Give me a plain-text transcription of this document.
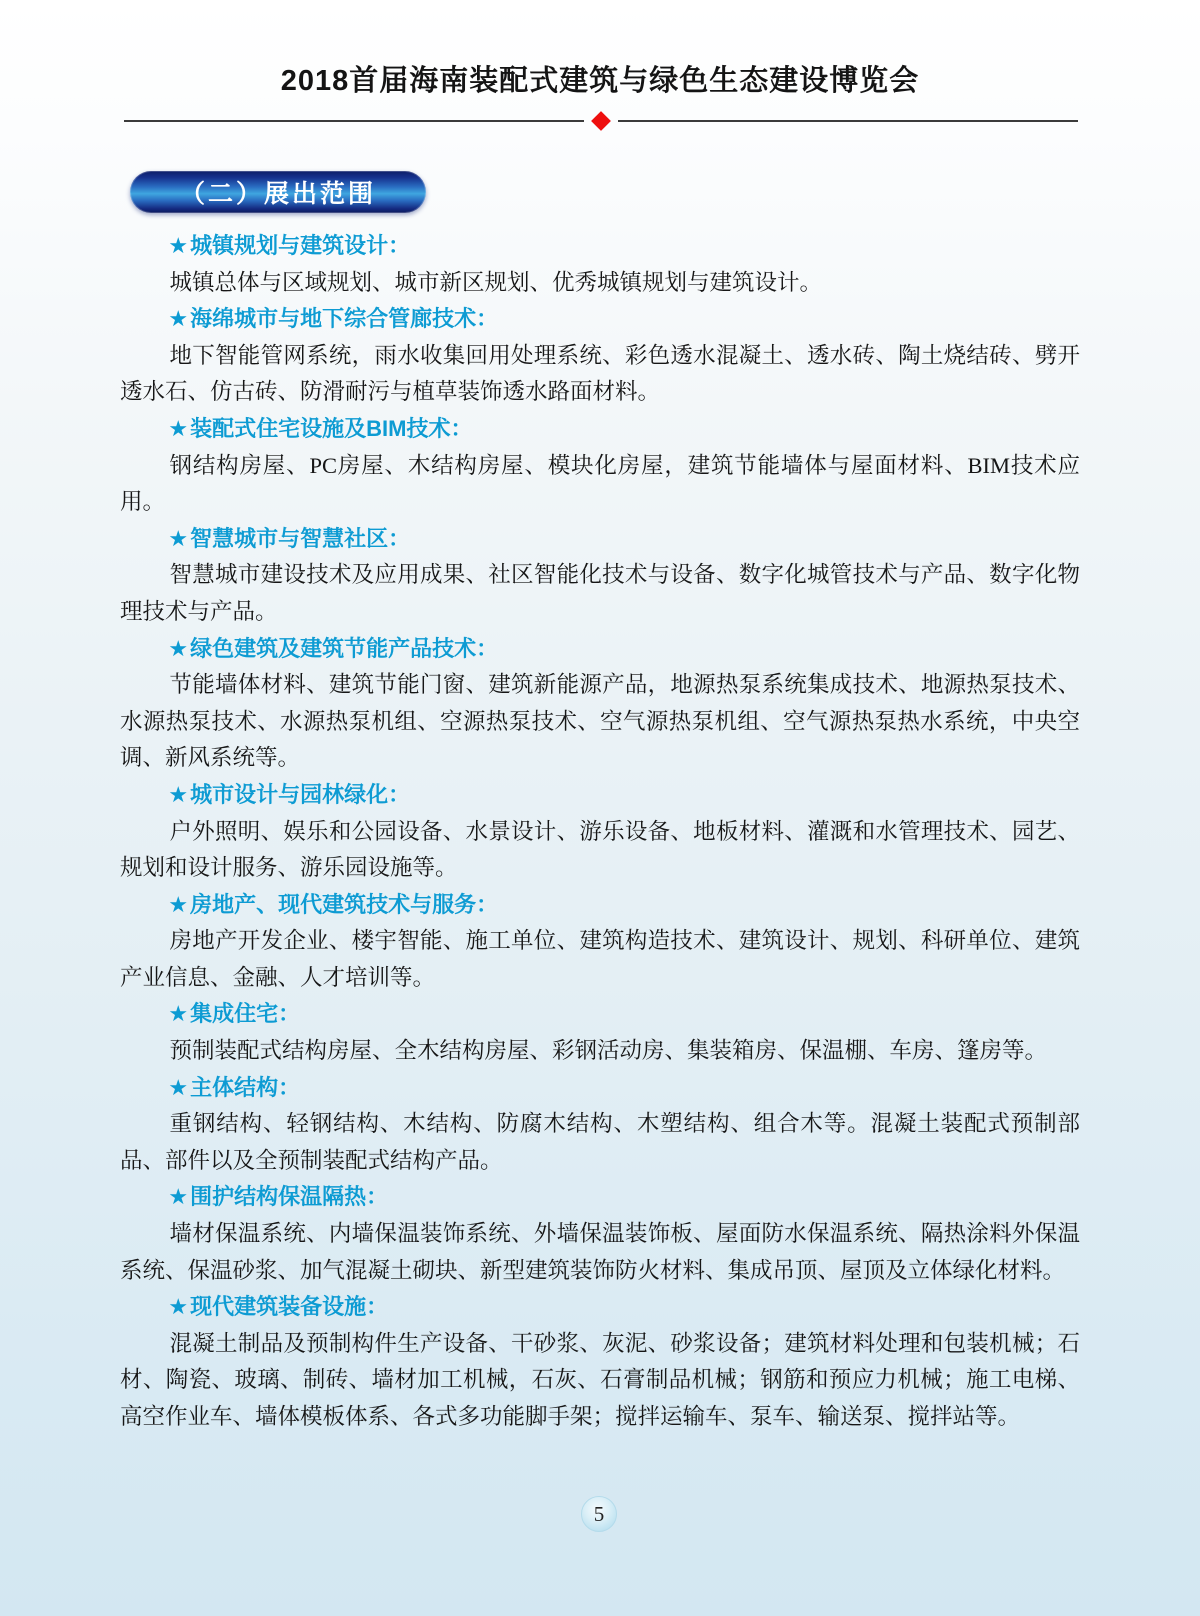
2018首届海南装配式建筑与绿色生态建设博览会
（二）展出范围

★城镇规划与建筑设计：

城镇总体与区域规划、城市新区规划、优秀城镇规划与建筑设计。

★海绵城市与地下综合管廊技术：

地下智能管网系统，雨水收集回用处理系统、彩色透水混凝土、透水砖、陶土烧结砖、劈开透水石、仿古砖、防滑耐污与植草装饰透水路面材料。

★装配式住宅设施及BIM技术：

钢结构房屋、PC房屋、木结构房屋、模块化房屋，建筑节能墙体与屋面材料、BIM技术应用。

★智慧城市与智慧社区：

智慧城市建设技术及应用成果、社区智能化技术与设备、数字化城管技术与产品、数字化物理技术与产品。

★绿色建筑及建筑节能产品技术：

节能墙体材料、建筑节能门窗、建筑新能源产品，地源热泵系统集成技术、地源热泵技术、水源热泵技术、水源热泵机组、空源热泵技术、空气源热泵机组、空气源热泵热水系统，中央空调、新风系统等。

★城市设计与园林绿化：

户外照明、娱乐和公园设备、水景设计、游乐设备、地板材料、灌溉和水管理技术、园艺、规划和设计服务、游乐园设施等。

★房地产、现代建筑技术与服务：

房地产开发企业、楼宇智能、施工单位、建筑构造技术、建筑设计、规划、科研单位、建筑产业信息、金融、人才培训等。

★集成住宅：

预制装配式结构房屋、全木结构房屋、彩钢活动房、集装箱房、保温棚、车房、篷房等。

★主体结构：

重钢结构、轻钢结构、木结构、防腐木结构、木塑结构、组合木等。混凝土装配式预制部品、部件以及全预制装配式结构产品。

★围护结构保温隔热：

墙材保温系统、内墙保温装饰系统、外墙保温装饰板、屋面防水保温系统、隔热涂料外保温系统、保温砂浆、加气混凝土砌块、新型建筑装饰防火材料、集成吊顶、屋顶及立体绿化材料。

★现代建筑装备设施：

混凝土制品及预制构件生产设备、干砂浆、灰泥、砂浆设备；建筑材料处理和包装机械；石材、陶瓷、玻璃、制砖、墙材加工机械，石灰、石膏制品机械；钢筋和预应力机械；施工电梯、高空作业车、墙体模板体系、各式多功能脚手架；搅拌运输车、泵车、输送泵、搅拌站等。

5
